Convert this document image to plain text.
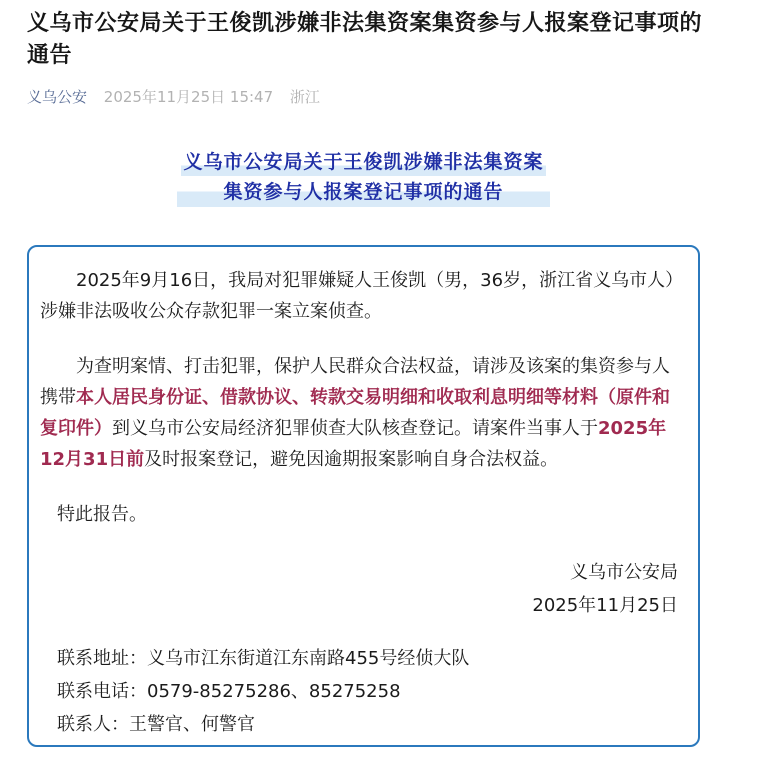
义乌市公安局关于王俊凯涉嫌非法集资案集资参与人报案登记事项的通告
义乌公安 2025年11月25日 15:47 浙江
义乌市公安局关于王俊凯涉嫌非法集资案
集资参与人报案登记事项的通告

2025年9月16日，我局对犯罪嫌疑人王俊凯（男，36岁，浙江省义乌市人）涉嫌非法吸收公众存款犯罪一案立案侦查。

为查明案情、打击犯罪，保护人民群众合法权益，请涉及该案的集资参与人携带本人居民身份证、借款协议、转款交易明细和收取利息明细等材料（原件和复印件）到义乌市公安局经济犯罪侦查大队核查登记。请案件当事人于2025年12月31日前及时报案登记，避免因逾期报案影响自身合法权益。

特此报告。

义乌市公安局

2025年11月25日

联系地址：义乌市江东街道江东南路455号经侦大队

联系电话：0579-85275286、85275258

联系人：王警官、何警官
